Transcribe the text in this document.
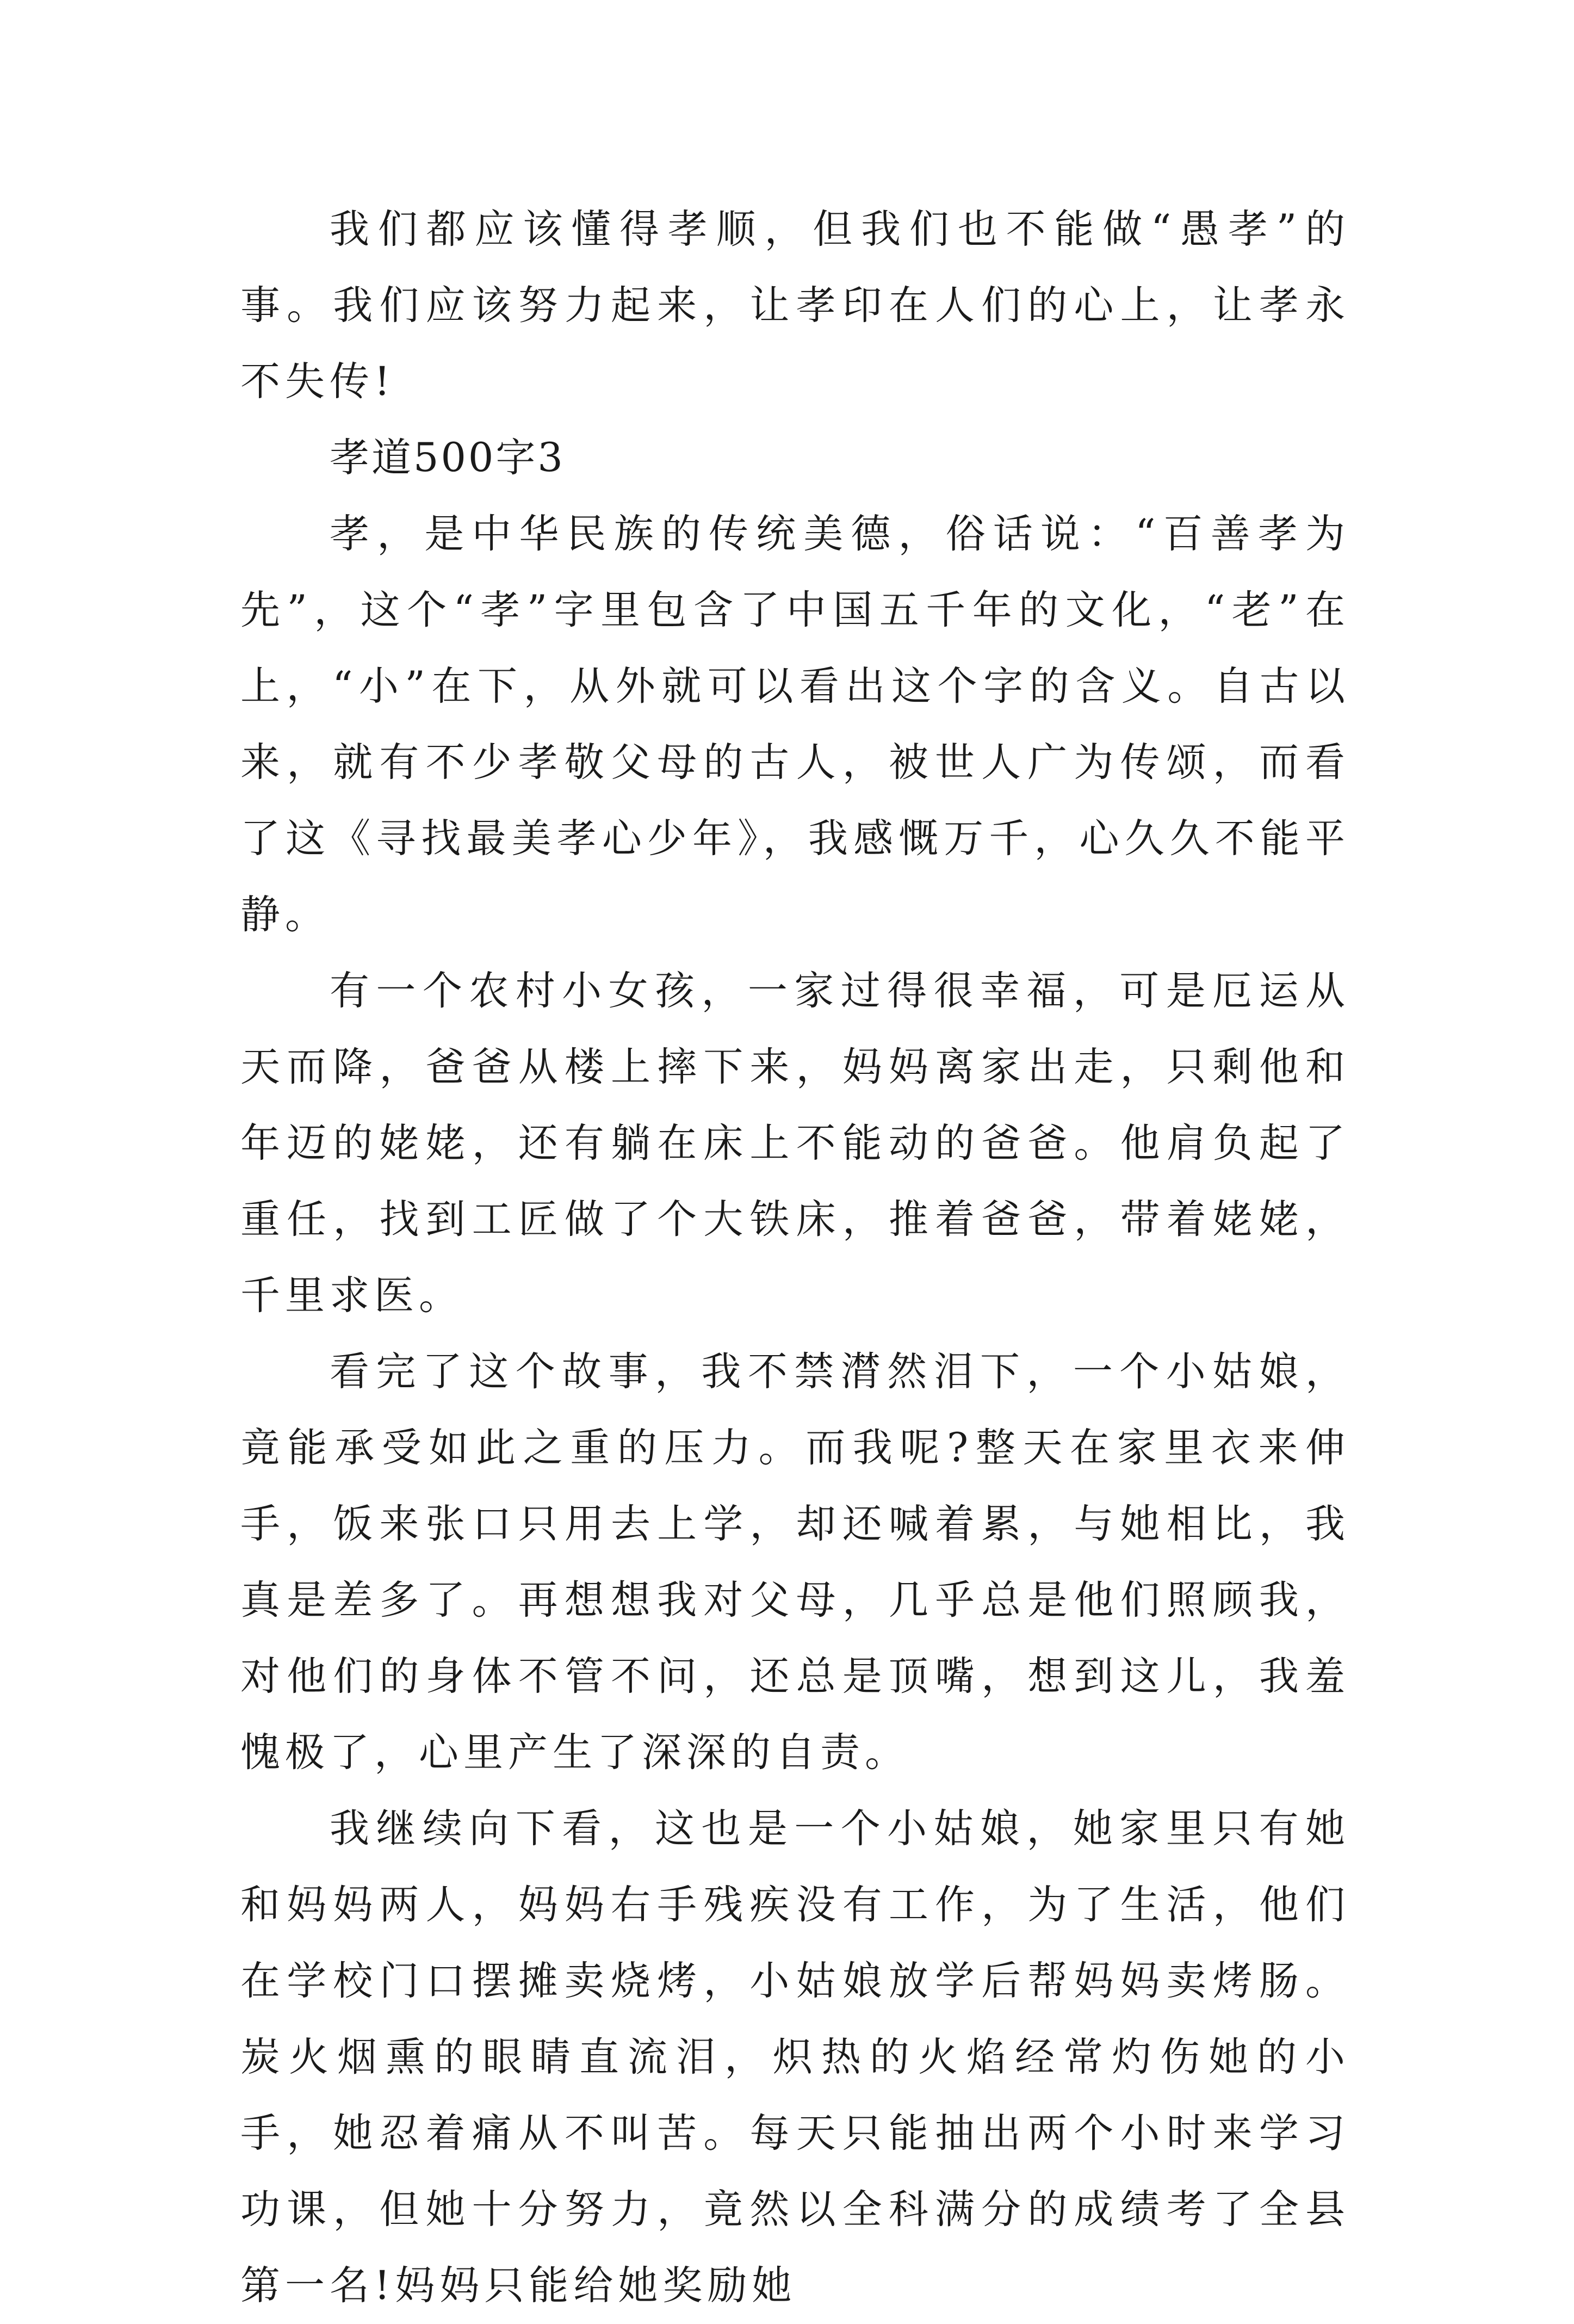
我们都应该懂得孝顺，但我们也不能做“愚孝”的事。我们应该努力起来，让孝印在人们的心上，让孝永不失传!

孝道500字3

孝，是中华民族的传统美德，俗话说：“百善孝为先”，这个“孝”字里包含了中国五千年的文化，“老”在上，“小”在下，从外就可以看出这个字的含义。自古以来，就有不少孝敬父母的古人，被世人广为传颂，而看了这《寻找最美孝心少年》，我感慨万千，心久久不能平静。

有一个农村小女孩，一家过得很幸福，可是厄运从天而降，爸爸从楼上摔下来，妈妈离家出走，只剩他和年迈的姥姥，还有躺在床上不能动的爸爸。他肩负起了重任，找到工匠做了个大铁床，推着爸爸，带着姥姥，千里求医。

看完了这个故事，我不禁潸然泪下，一个小姑娘，竟能承受如此之重的压力。而我呢?整天在家里衣来伸手，饭来张口只用去上学，却还喊着累，与她相比，我真是差多了。再想想我对父母，几乎总是他们照顾我，对他们的身体不管不问，还总是顶嘴，想到这儿，我羞愧极了，心里产生了深深的自责。

我继续向下看，这也是一个小姑娘，她家里只有她和妈妈两人，妈妈右手残疾没有工作，为了生活，他们在学校门口摆摊卖烧烤，小姑娘放学后帮妈妈卖烤肠。炭火烟熏的眼睛直流泪，炽热的火焰经常灼伤她的小手，她忍着痛从不叫苦。每天只能抽出两个小时来学习功课，但她十分努力，竟然以全科满分的成绩考了全县第一名!妈妈只能给她奖励她
